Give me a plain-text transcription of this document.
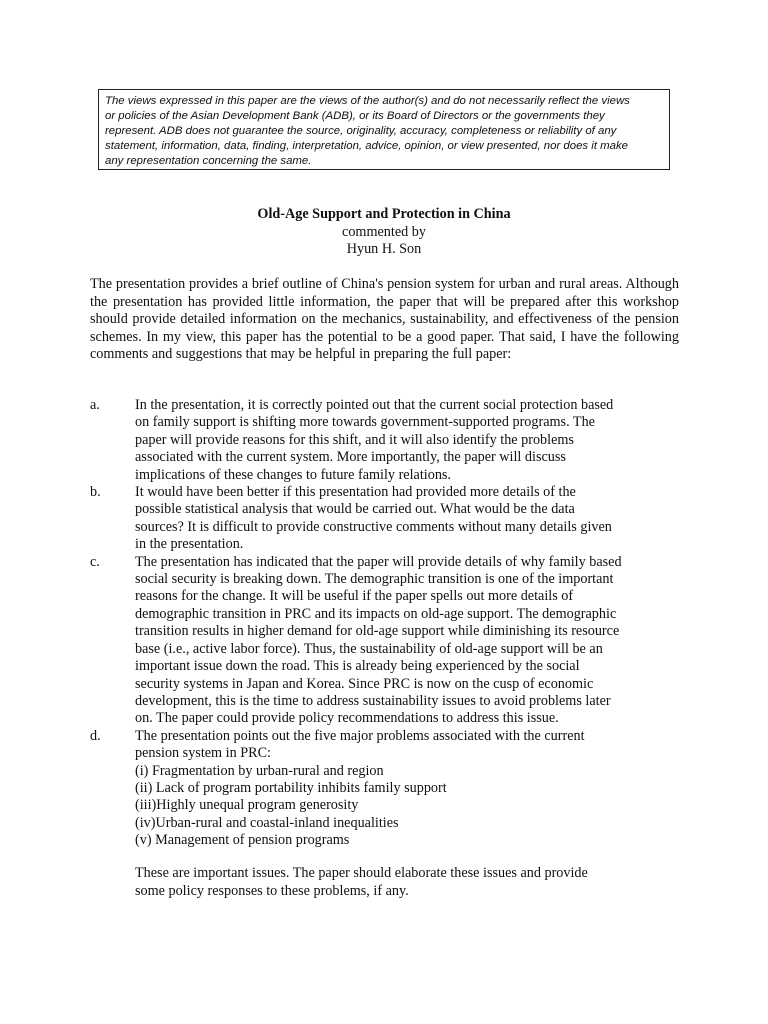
The views expressed in this paper are the views of the author(s) and do not necessarily reflect the views
or policies of the Asian Development Bank (ADB), or its Board of Directors or the governments they
represent. ADB does not guarantee the source, originality, accuracy, completeness or reliability of any
statement, information, data, finding, interpretation, advice, opinion, or view presented, nor does it make
any representation concerning the same.
Old-Age Support and Protection in China
commented by
Hyun H. Son

The presentation provides a brief outline of China's pension system for urban and rural areas. Although the presentation has provided little information, the paper that will be prepared after this workshop should provide detailed information on the mechanics, sustainability, and effectiveness of the pension schemes. In my view, this paper has the potential to be a good paper. That said, I have the following comments and suggestions that may be helpful in preparing the full paper:

a.	In the presentation, it is correctly pointed out that the current social protection based
on family support is shifting more towards government-supported programs. The
paper will provide reasons for this shift, and it will also identify the problems
associated with the current system. More importantly, the paper will discuss
implications of these changes to future family relations.
b.	It would have been better if this presentation had provided more details of the
possible statistical analysis that would be carried out. What would be the data
sources? It is difficult to provide constructive comments without many details given
in the presentation.
c.	The presentation has indicated that the paper will provide details of why family based
social security is breaking down. The demographic transition is one of the important
reasons for the change. It will be useful if the paper spells out more details of
demographic transition in PRC and its impacts on old-age support. The demographic
transition results in higher demand for old-age support while diminishing its resource
base (i.e., active labor force). Thus, the sustainability of old-age support will be an
important issue down the road. This is already being experienced by the social
security systems in Japan and Korea. Since PRC is now on the cusp of economic
development, this is the time to address sustainability issues to avoid problems later
on. The paper could provide policy recommendations to address this issue.
d.	The presentation points out the five major problems associated with the current
pension system in PRC:
(i) Fragmentation by urban-rural and region
(ii) Lack of program portability inhibits family support
(iii)Highly unequal program generosity
(iv)Urban-rural and coastal-inland inequalities
(v) Management of pension programs
These are important issues. The paper should elaborate these issues and provide
some policy responses to these problems, if any.
